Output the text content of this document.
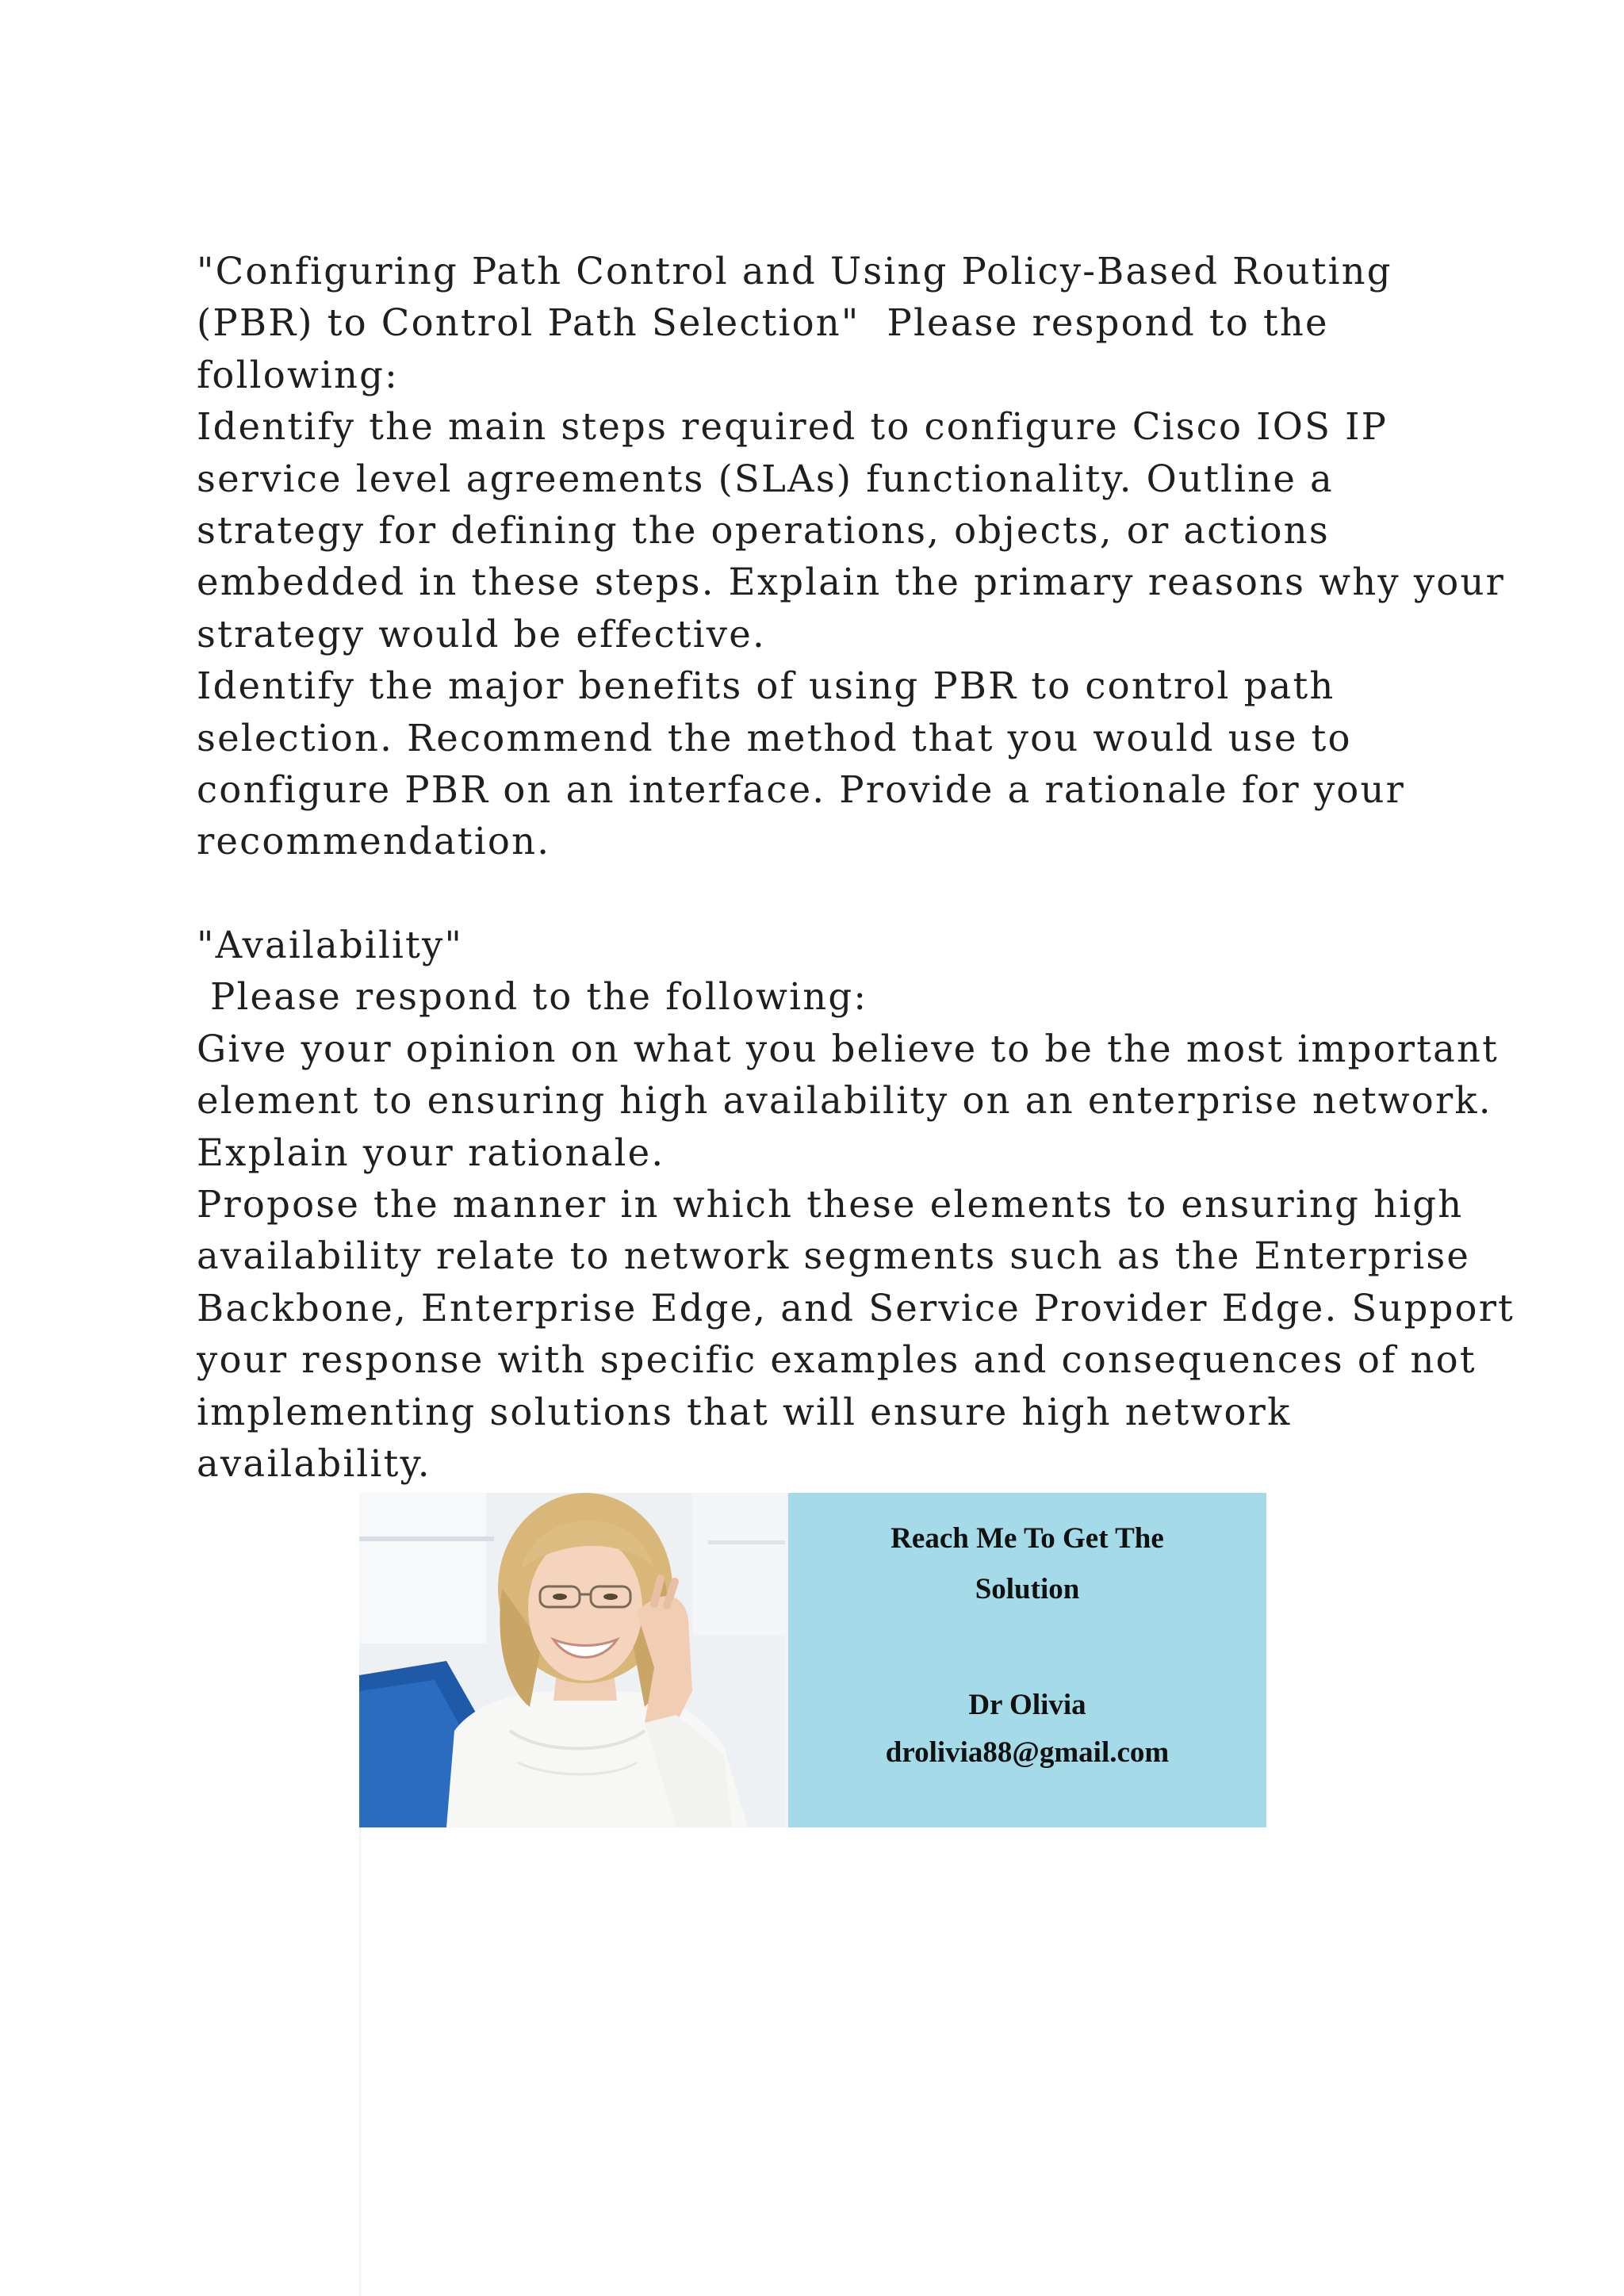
"Configuring Path Control and Using Policy-Based Routing
(PBR) to Control Path Selection"  Please respond to the
following:
Identify the main steps required to configure Cisco IOS IP
service level agreements (SLAs) functionality. Outline a
strategy for defining the operations, objects, or actions
embedded in these steps. Explain the primary reasons why your
strategy would be effective.
Identify the major benefits of using PBR to control path
selection. Recommend the method that you would use to
configure PBR on an interface. Provide a rationale for your
recommendation.
"Availability"
Please respond to the following:
Give your opinion on what you believe to be the most important
element to ensuring high availability on an enterprise network.
Explain your rationale.
Propose the manner in which these elements to ensuring high
availability relate to network segments such as the Enterprise
Backbone, Enterprise Edge, and Service Provider Edge. Support
your response with specific examples and consequences of not
implementing solutions that will ensure high network
availability.
Reach Me To Get The
Solution
Dr Olivia
drolivia88@gmail.com
